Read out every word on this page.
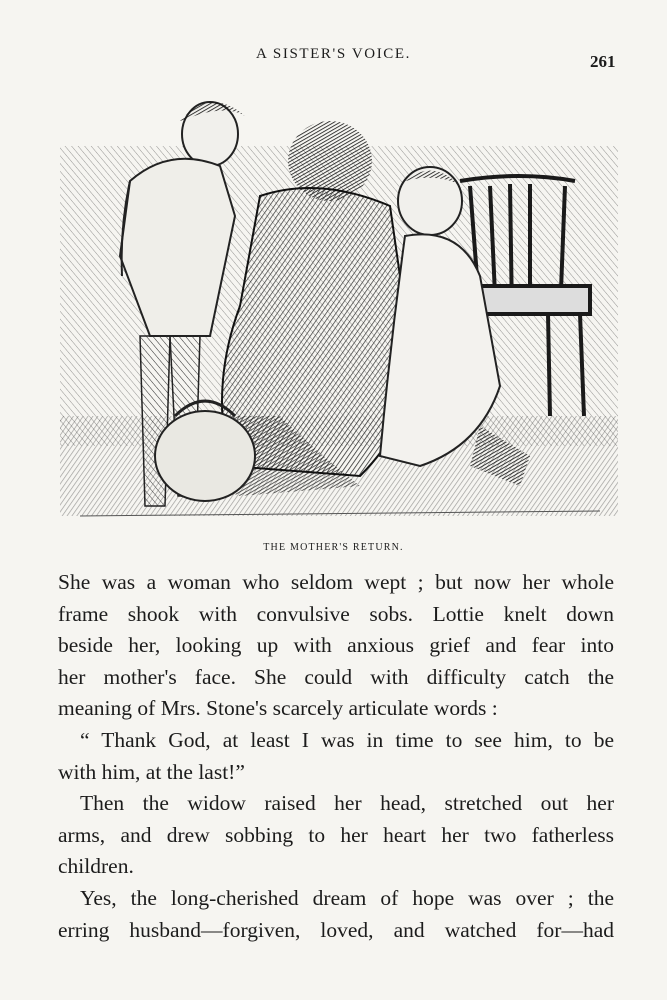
A SISTER'S VOICE.	261
THE MOTHER'S RETURN.
She was a woman who seldom wept ; but now her whole
frame shook with convulsive sobs. Lottie knelt down
beside her, looking up with anxious grief and fear into
her mother's face. She could with difficulty catch the
meaning of Mrs. Stone's scarcely articulate words :
“ Thank God, at least I was in time to see him, to be
with him, at the last!”
Then the widow raised her head, stretched out her
arms, and drew sobbing to her heart her two fatherless
children.
Yes, the long-cherished dream of hope was over ; the
erring husband—forgiven, loved, and watched for—had
